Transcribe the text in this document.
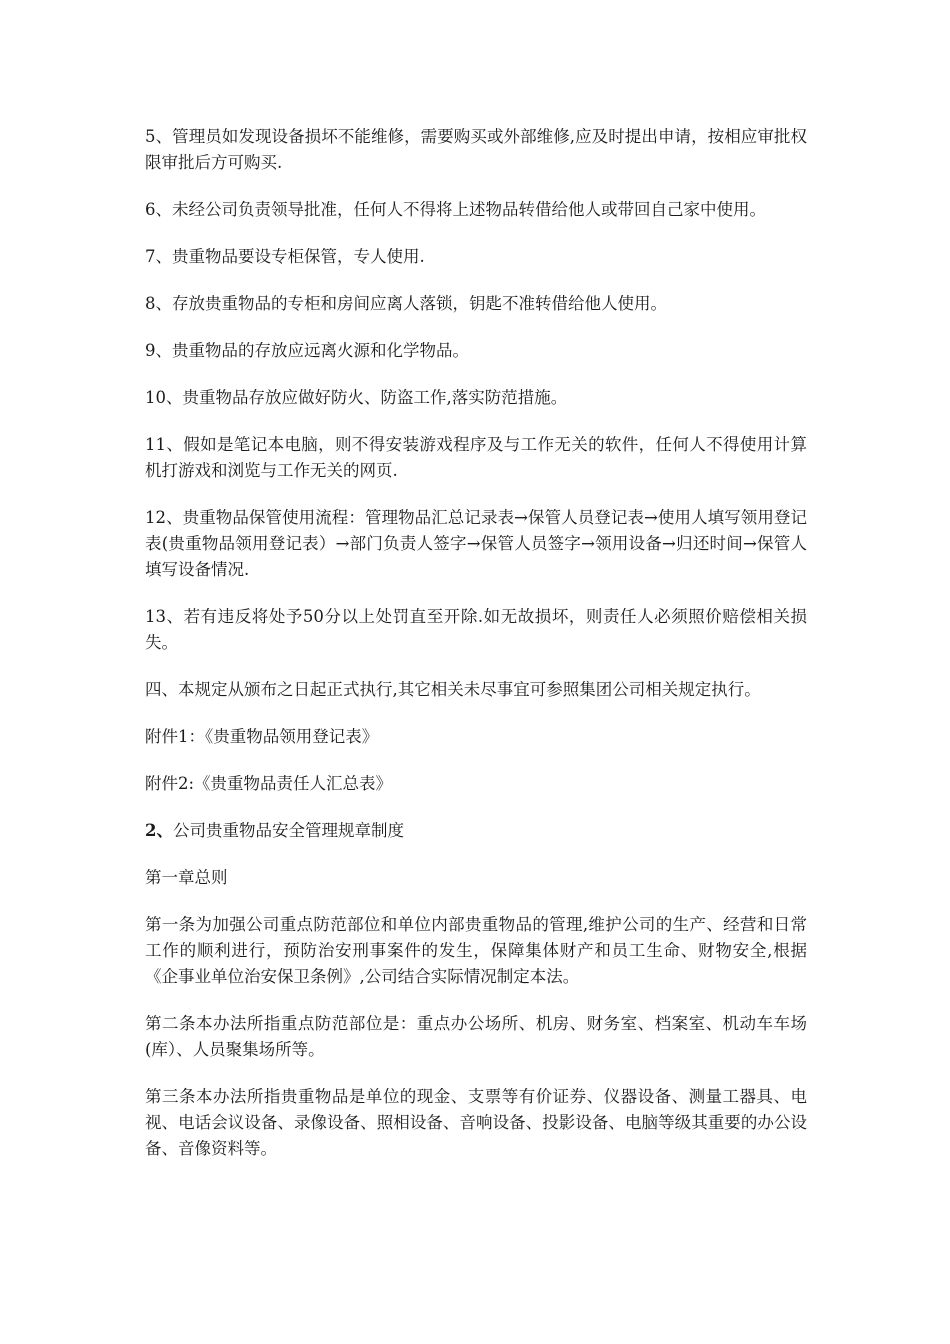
5、管理员如发现设备损坏不能维修，需要购买或外部维修,应及时提出申请，按相应审批权限审批后方可购买.

6、未经公司负责领导批准，任何人不得将上述物品转借给他人或带回自己家中使用。

7、贵重物品要设专柜保管，专人使用.

8、存放贵重物品的专柜和房间应离人落锁，钥匙不准转借给他人使用。

9、贵重物品的存放应远离火源和化学物品。

10、贵重物品存放应做好防火、防盗工作,落实防范措施。

11、假如是笔记本电脑，则不得安装游戏程序及与工作无关的软件，任何人不得使用计算机打游戏和浏览与工作无关的网页.

12、贵重物品保管使用流程：管理物品汇总记录表→保管人员登记表→使用人填写领用登记表(贵重物品领用登记表）→部门负责人签字→保管人员签字→领用设备→归还时间→保管人填写设备情况.

13、若有违反将处予50分以上处罚直至开除.如无故损坏，则责任人必须照价赔偿相关损失。

四、本规定从颁布之日起正式执行,其它相关未尽事宜可参照集团公司相关规定执行。

附件1：《贵重物品领用登记表》

附件2:《贵重物品责任人汇总表》

2、公司贵重物品安全管理规章制度

第一章总则

第一条为加强公司重点防范部位和单位内部贵重物品的管理,维护公司的生产、经营和日常工作的顺利进行，预防治安刑事案件的发生，保障集体财产和员工生命、财物安全,根据《企事业单位治安保卫条例》,公司结合实际情况制定本法。

第二条本办法所指重点防范部位是：重点办公场所、机房、财务室、档案室、机动车车场(库）、人员聚集场所等。

第三条本办法所指贵重物品是单位的现金、支票等有价证券、仪器设备、测量工器具、电视、电话会议设备、录像设备、照相设备、音响设备、投影设备、电脑等级其重要的办公设备、音像资料等。
